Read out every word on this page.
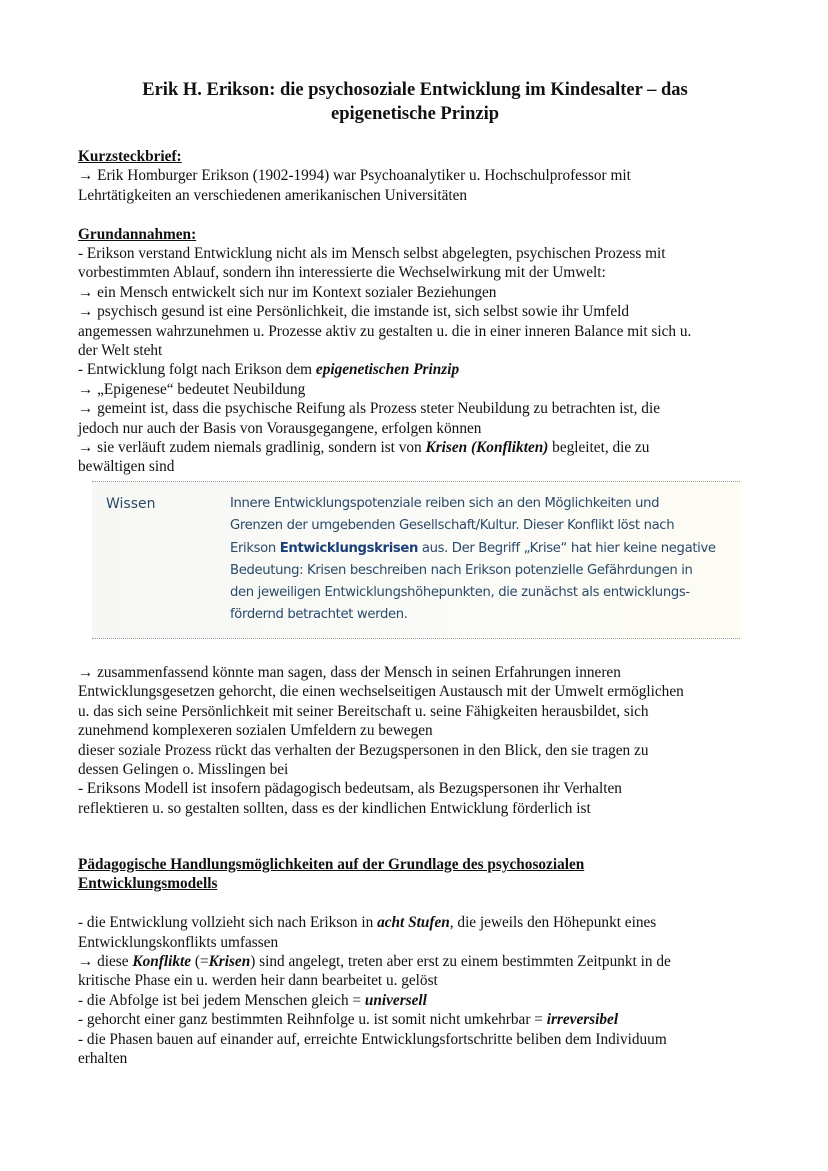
Erik H. Erikson: die psychosoziale Entwicklung im Kindesalter – das
epigenetische Prinzip
Kurzsteckbrief:
→ Erik Homburger Erikson (1902-1994) war Psychoanalytiker u. Hochschulprofessor mit
Lehrtätigkeiten an verschiedenen amerikanischen Universitäten
Grundannahmen:
- Erikson verstand Entwicklung nicht als im Mensch selbst abgelegten, psychischen Prozess mit
vorbestimmten Ablauf, sondern ihn interessierte die Wechselwirkung mit der Umwelt:
→ ein Mensch entwickelt sich nur im Kontext sozialer Beziehungen
→ psychisch gesund ist eine Persönlichkeit, die imstande ist, sich selbst sowie ihr Umfeld
angemessen wahrzunehmen u. Prozesse aktiv zu gestalten u. die in einer inneren Balance mit sich u.
der Welt steht
- Entwicklung folgt nach Erikson dem epigenetischen Prinzip
→ „Epigenese“ bedeutet Neubildung
→ gemeint ist, dass die psychische Reifung als Prozess steter Neubildung zu betrachten ist, die
jedoch nur auch der Basis von Vorausgegangene, erfolgen können
→ sie verläuft zudem niemals gradlinig, sondern ist von Krisen (Konflikten) begleitet, die zu
bewältigen sind
Wissen	Innere Entwicklungspotenziale reiben sich an den Möglichkeiten und
Grenzen der umgebenden Gesellschaft/Kultur. Dieser Konflikt löst nach
Erikson Entwicklungskrisen aus. Der Begriff „Krise“ hat hier keine negative
Bedeutung: Krisen beschreiben nach Erikson potenzielle Gefährdungen in
den jeweiligen Entwicklungshöhepunkten, die zunächst als entwicklungs-
fördernd betrachtet werden.
→ zusammenfassend könnte man sagen, dass der Mensch in seinen Erfahrungen inneren
Entwicklungsgesetzen gehorcht, die einen wechselseitigen Austausch mit der Umwelt ermöglichen
u. das sich seine Persönlichkeit mit seiner Bereitschaft u. seine Fähigkeiten herausbildet, sich
zunehmend komplexeren sozialen Umfeldern zu bewegen
dieser soziale Prozess rückt das verhalten der Bezugspersonen in den Blick, den sie tragen zu
dessen Gelingen o. Misslingen bei
- Eriksons Modell ist insofern pädagogisch bedeutsam, als Bezugspersonen ihr Verhalten
reflektieren u. so gestalten sollten, dass es der kindlichen Entwicklung förderlich ist
Pädagogische Handlungsmöglichkeiten auf der Grundlage des psychosozialen
Entwicklungsmodells
- die Entwicklung vollzieht sich nach Erikson in acht Stufen, die jeweils den Höhepunkt eines
Entwicklungskonflikts umfassen
→ diese Konflikte (=Krisen) sind angelegt, treten aber erst zu einem bestimmten Zeitpunkt in de
kritische Phase ein u. werden heir dann bearbeitet u. gelöst
- die Abfolge ist bei jedem Menschen gleich = universell
- gehorcht einer ganz bestimmten Reihnfolge u. ist somit nicht umkehrbar = irreversibel
- die Phasen bauen auf einander auf, erreichte Entwicklungsfortschritte beliben dem Individuum
erhalten
